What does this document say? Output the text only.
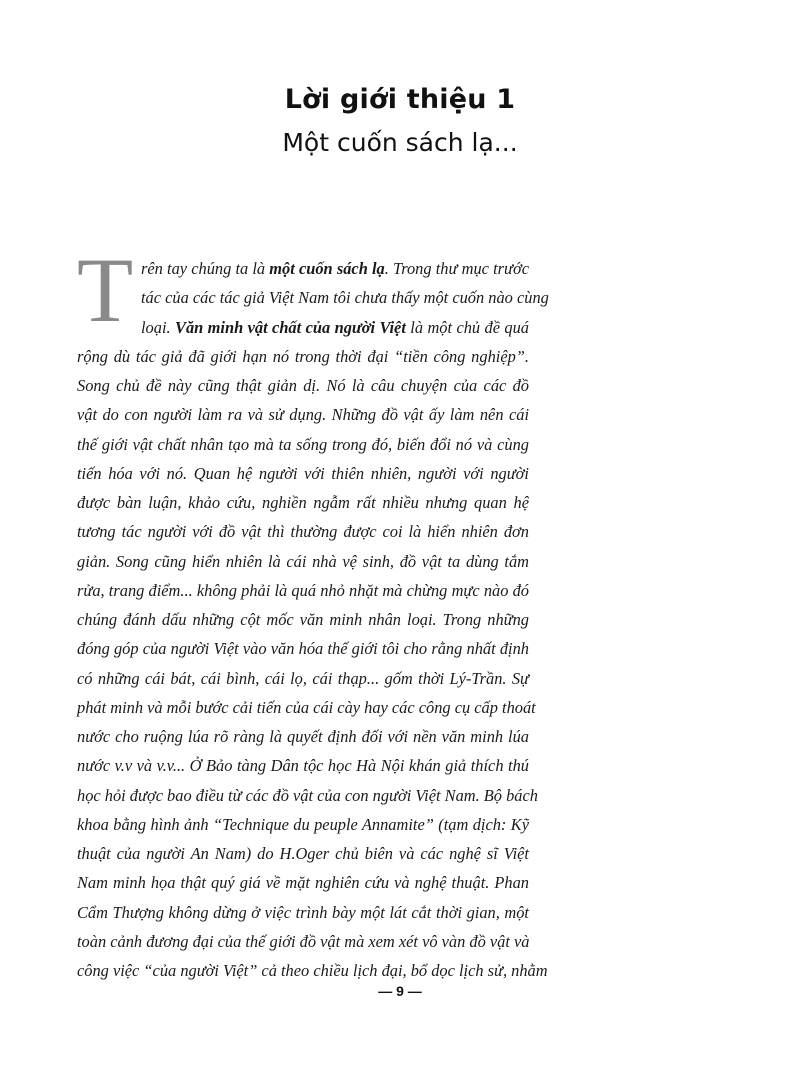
Lời giới thiệu 1
Một cuốn sách lạ...
T rên tay chúng ta là một cuốn sách lạ. Trong thư mục trước
tác của các tác giả Việt Nam tôi chưa thấy một cuốn nào cùng
loại. Văn minh vật chất của người Việt là một chủ đề quá
rộng dù tác giả đã giới hạn nó trong thời đại “tiền công nghiệp”.
Song chủ đề này cũng thật giản dị. Nó là câu chuyện của các đồ
vật do con người làm ra và sử dụng. Những đồ vật ấy làm nên cái
thế giới vật chất nhân tạo mà ta sống trong đó, biến đổi nó và cùng
tiến hóa với nó. Quan hệ người với thiên nhiên, người với người
được bàn luận, khảo cứu, nghiền ngẫm rất nhiều nhưng quan hệ
tương tác người với đồ vật thì thường được coi là hiển nhiên đơn
giản. Song cũng hiển nhiên là cái nhà vệ sinh, đồ vật ta dùng tắm
rửa, trang điểm... không phải là quá nhỏ nhặt mà chừng mực nào đó
chúng đánh dấu những cột mốc văn minh nhân loại. Trong những
đóng góp của người Việt vào văn hóa thế giới tôi cho rằng nhất định
có những cái bát, cái bình, cái lọ, cái thạp... gốm thời Lý-Trần. Sự
phát minh và mỗi bước cải tiến của cái cày hay các công cụ cấp thoát
nước cho ruộng lúa rõ ràng là quyết định đối với nền văn minh lúa
nước v.v và v.v... Ở Bảo tàng Dân tộc học Hà Nội khán giả thích thú
học hỏi được bao điều từ các đồ vật của con người Việt Nam. Bộ bách
khoa bằng hình ảnh “Technique du peuple Annamite” (tạm dịch: Kỹ
thuật của người An Nam) do H.Oger chủ biên và các nghệ sĩ Việt
Nam minh họa thật quý giá về mặt nghiên cứu và nghệ thuật. Phan
Cẩm Thượng không dừng ở việc trình bày một lát cắt thời gian, một
toàn cảnh đương đại của thế giới đồ vật mà xem xét vô vàn đồ vật và
công việc “của người Việt” cả theo chiều lịch đại, bổ dọc lịch sử, nhằm
— 9 —
